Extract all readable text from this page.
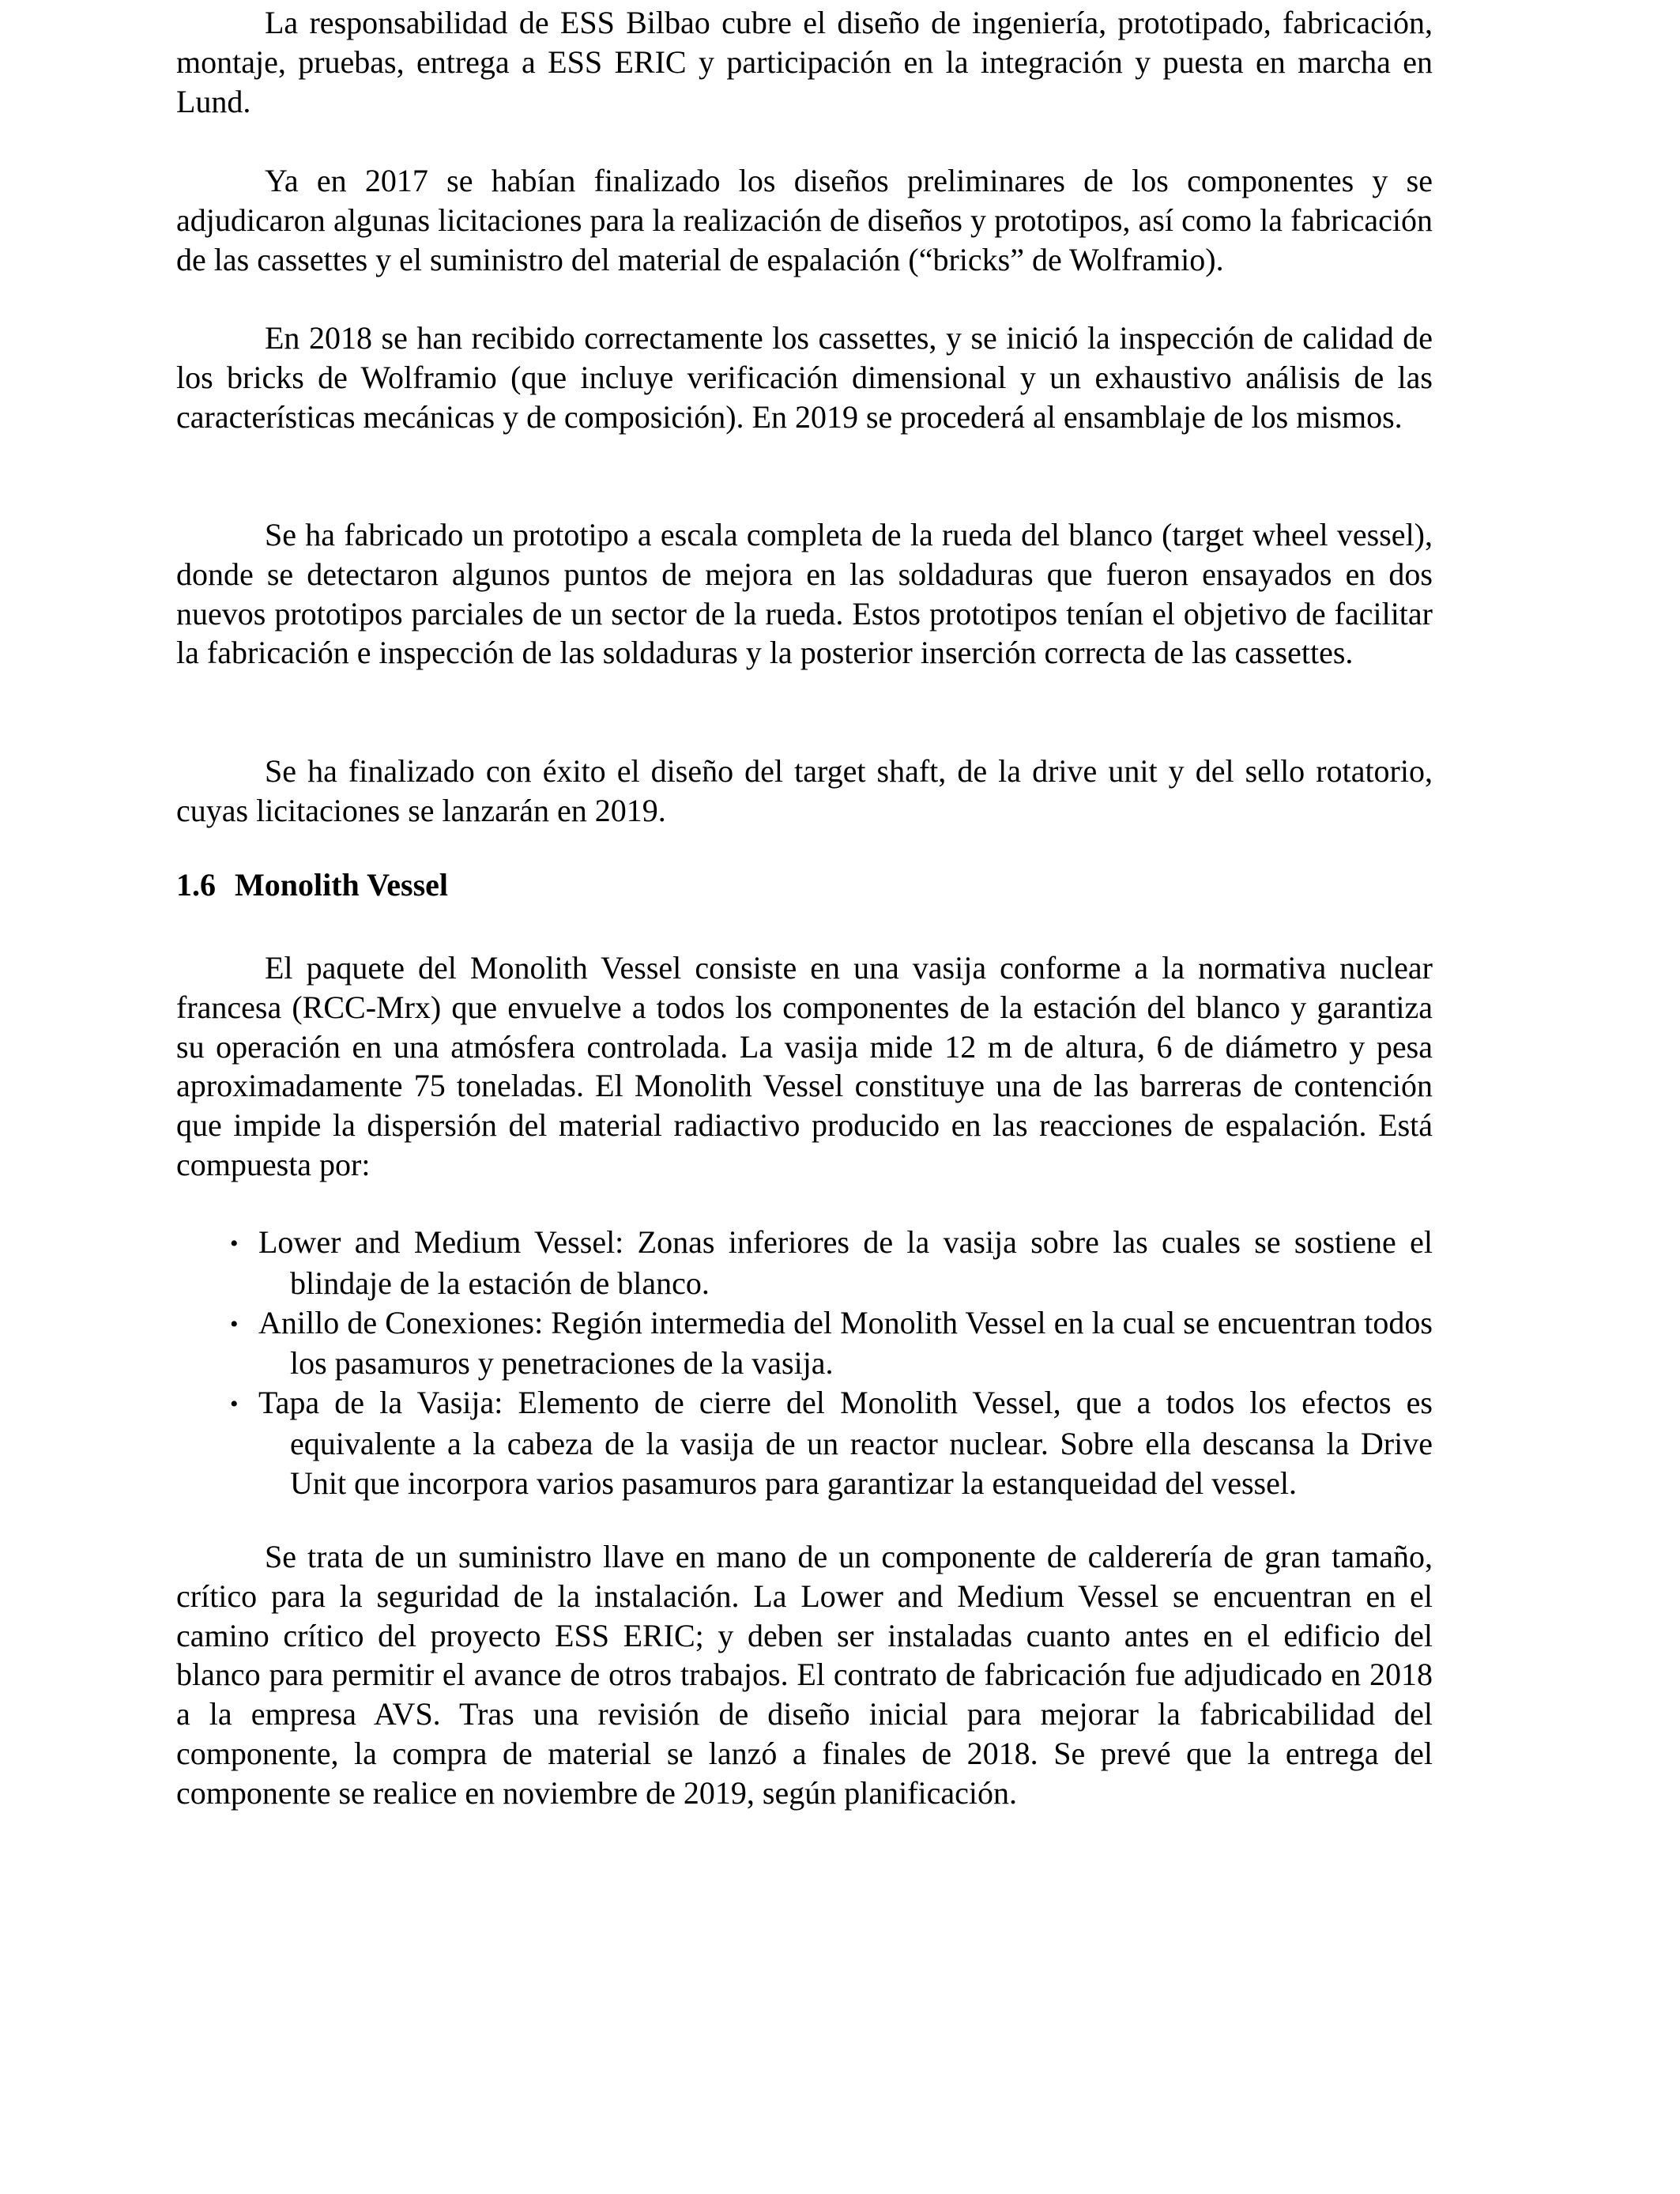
La responsabilidad de ESS Bilbao cubre el diseño de ingeniería, prototipado, fabricación, montaje, pruebas, entrega a ESS ERIC y participación en la integración y puesta en marcha en Lund.

Ya en 2017 se habían finalizado los diseños preliminares de los componentes y se adjudicaron algunas licitaciones para la realización de diseños y prototipos, así como la fabricación de las cassettes y el suministro del material de espalación (“bricks” de Wolframio).

En 2018 se han recibido correctamente los cassettes, y se inició la inspección de calidad de los bricks de Wolframio (que incluye verificación dimensional y un exhaustivo análisis de las características mecánicas y de composición). En 2019 se procederá al ensamblaje de los mismos.

Se ha fabricado un prototipo a escala completa de la rueda del blanco (target wheel vessel), donde se detectaron algunos puntos de mejora en las soldaduras que fueron ensayados en dos nuevos prototipos parciales de un sector de la rueda. Estos prototipos tenían el objetivo de facilitar la fabricación e inspección de las soldaduras y la posterior inserción correcta de las cassettes.

Se ha finalizado con éxito el diseño del target shaft, de la drive unit y del sello rotatorio, cuyas licitaciones se lanzarán en 2019.

1.6 Monolith Vessel

El paquete del Monolith Vessel consiste en una vasija conforme a la normativa nuclear francesa (RCC-Mrx) que envuelve a todos los componentes de la estación del blanco y garantiza su operación en una atmósfera controlada. La vasija mide 12 m de altura, 6 de diámetro y pesa aproximadamente 75 toneladas. El Monolith Vessel constituye una de las barreras de contención que impide la dispersión del material radiactivo producido en las reacciones de espalación. Está compuesta por:

• Lower and Medium Vessel: Zonas inferiores de la vasija sobre las cuales se sostiene el blindaje de la estación de blanco.
• Anillo de Conexiones: Región intermedia del Monolith Vessel en la cual se encuentran todos los pasamuros y penetraciones de la vasija.
• Tapa de la Vasija: Elemento de cierre del Monolith Vessel, que a todos los efectos es equivalente a la cabeza de la vasija de un reactor nuclear. Sobre ella descansa la Drive Unit que incorpora varios pasamuros para garantizar la estanqueidad del vessel.

Se trata de un suministro llave en mano de un componente de calderería de gran tamaño, crítico para la seguridad de la instalación. La Lower and Medium Vessel se encuentran en el camino crítico del proyecto ESS ERIC; y deben ser instaladas cuanto antes en el edificio del blanco para permitir el avance de otros trabajos. El contrato de fabricación fue adjudicado en 2018 a la empresa AVS. Tras una revisión de diseño inicial para mejorar la fabricabilidad del componente, la compra de material se lanzó a finales de 2018. Se prevé que la entrega del componente se realice en noviembre de 2019, según planificación.
